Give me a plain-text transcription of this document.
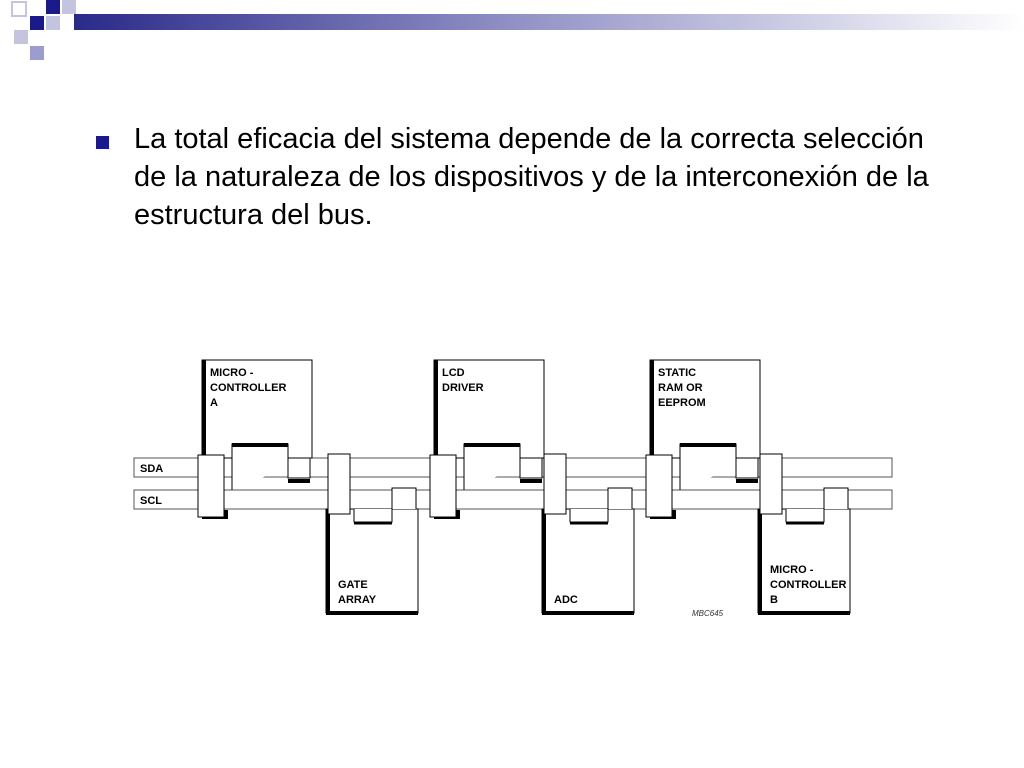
La total eficacia del sistema depende de la correcta selección de la naturaleza de los dispositivos y de la interconexión de la estructura del bus.
SDA
SCL
MICRO -
CONTROLLER
A
LCD
DRIVER
STATIC
RAM OR
EEPROM
GATE
ARRAY	ADC
MICRO -
CONTROLLER
B
MBC645
